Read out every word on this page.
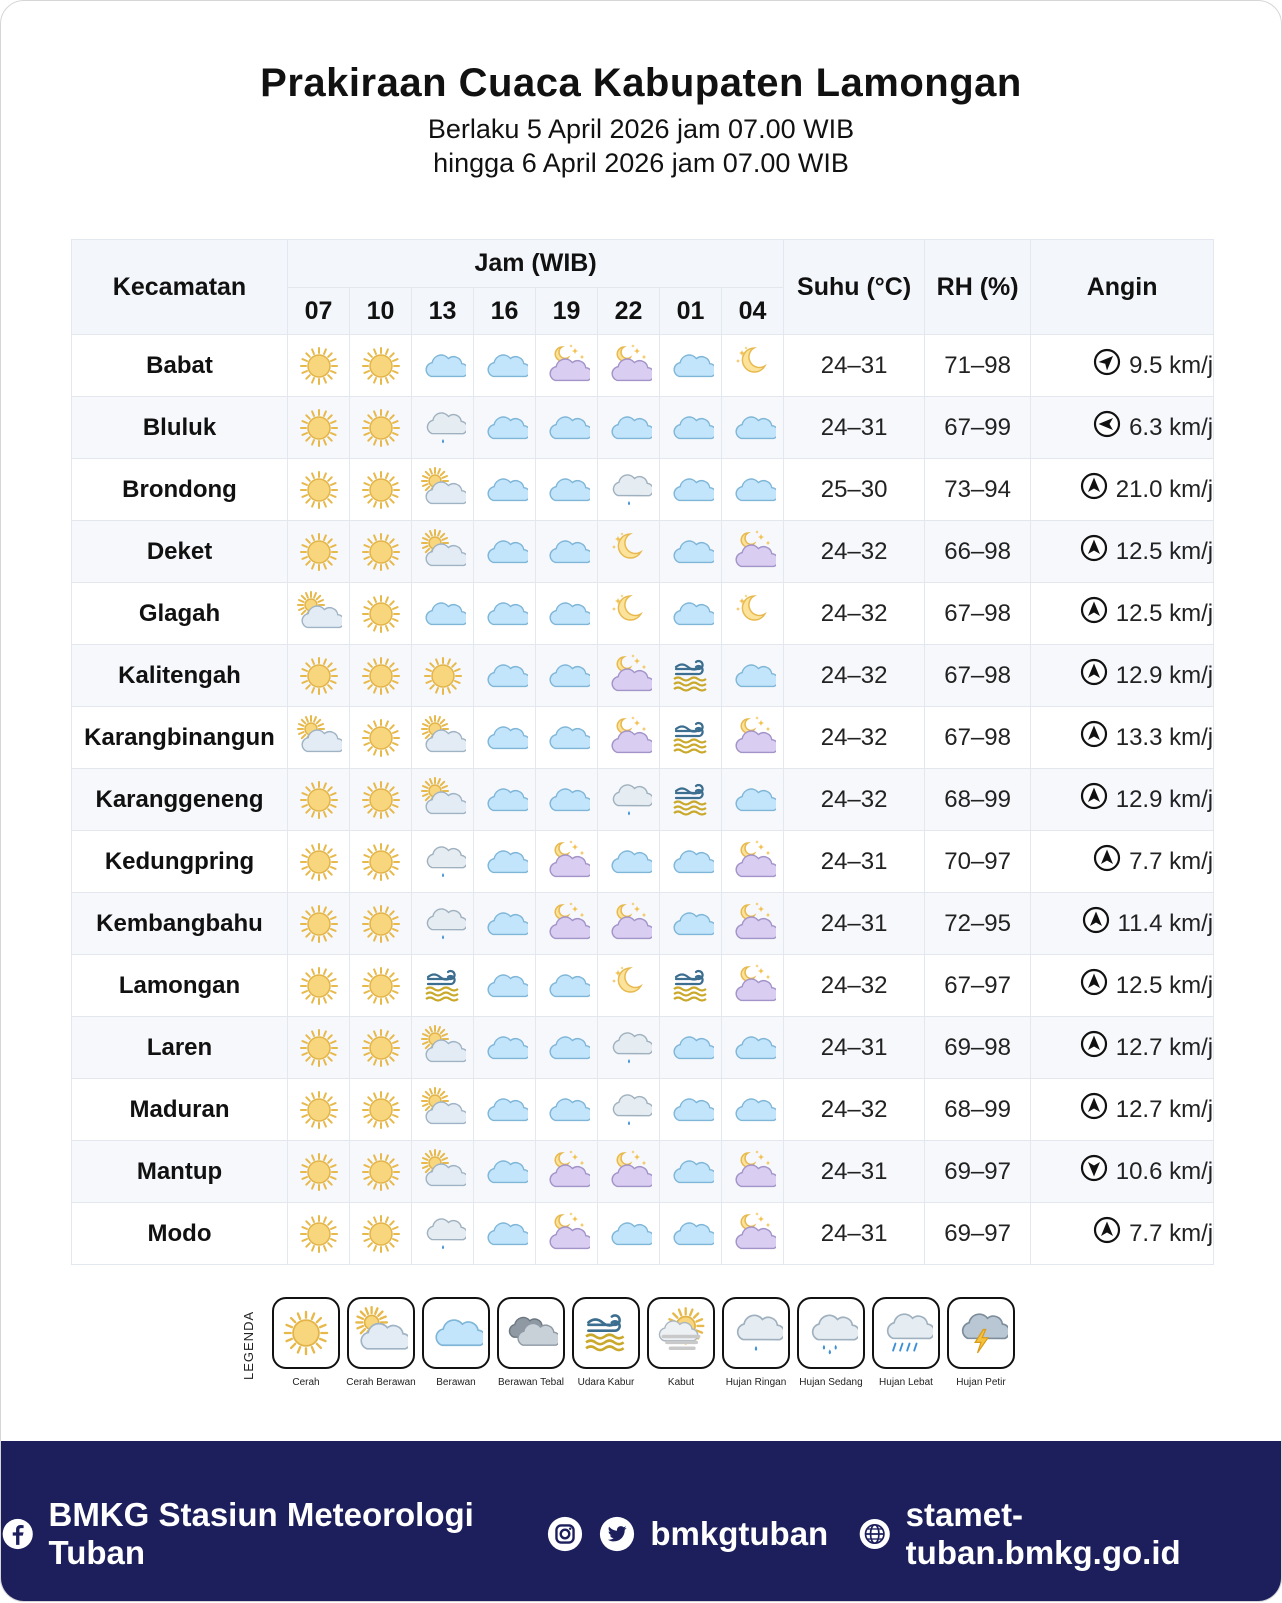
Prakiraan Cuaca Kabupaten Lamongan
Berlaku 5 April 2026 jam 07.00 WIB
hingga 6 April 2026 jam 07.00 WIB
Kecamatan	Jam (WIB)								Suhu (°C)	RH (%)	Angin
	07	10	13	16	19	22	01	04			
Babat									24–31	71–98	9.5 km/j

Bluluk									24–31	67–99	6.3 km/j

Brondong									25–30	73–94	21.0 km/j

Deket									24–32	66–98	12.5 km/j

Glagah									24–32	67–98	12.5 km/j

Kalitengah									24–32	67–98	12.9 km/j

Karangbinangun									24–32	67–98	13.3 km/j

Karanggeneng									24–32	68–99	12.9 km/j

Kedungpring									24–31	70–97	7.7 km/j

Kembangbahu									24–31	72–95	11.4 km/j

Lamongan									24–32	67–97	12.5 km/j

Laren									24–31	69–98	12.7 km/j

Maduran									24–32	68–99	12.7 km/j

Mantup									24–31	69–97	10.6 km/j

Modo									24–31	69–97	7.7 km/j
LEGENDA
Cerah	Cerah Berawan	Berawan	Berawan Tebal	Udara Kabur	Kabut	Hujan Ringan	Hujan Sedang	Hujan Lebat	Hujan Petir
BMKG Stasiun Meteorologi Tuban
bmkgtuban
stamet-tuban.bmkg.go.id
